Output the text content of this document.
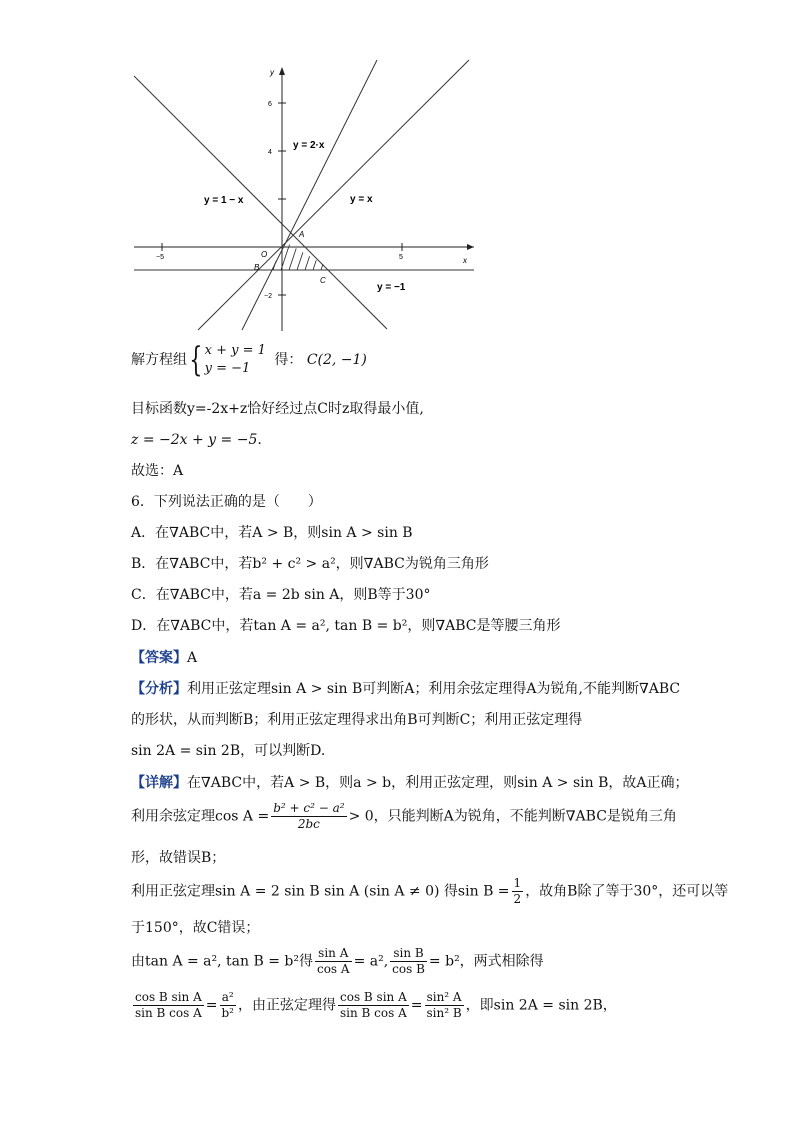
y
x
6
4
−2
−5	5
O
A
B
C
y = 2·x
y = x
y = 1 − x
y = −1
解方程组{ x + y = 1
y = −1
得： C(2, −1)
目标函数y=-2x+z恰好经过点C时z取得最小值,
z = −2x + y = −5.
故选：A
6．下列说法正确的是（　　）
A．在∇ABC中，若A > B，则sin A > sin B
B．在∇ABC中，若b² + c² > a²，则∇ABC为锐角三角形
C．在∇ABC中，若a = 2b sin A，则B等于30°
D．在∇ABC中，若tan A = a², tan B = b²，则∇ABC是等腰三角形
【答案】A
【分析】利用正弦定理sin A > sin B可判断A；利用余弦定理得A为锐角,不能判断∇ABC
的形状，从而判断B；利用正弦定理得求出角B可判断C；利用正弦定理得
sin 2A = sin 2B，可以判断D.
【详解】在∇ABC中，若A > B，则a > b，利用正弦定理，则sin A > sin B，故A正确；
利用余弦定理$\cos A = \frac{\text{b² + c² − a²}}{2bc} > 0$，只能判断A为锐角，不能判断∇ABC是锐角三角
形，故错误B；
利用正弦定理sin A = 2 sin B sin A (sin A ≠ 0) 得$\sin B = \frac{1}{2}$ ，故角B除了等于30°，还可以等
于150°，故C错误；
由tan A = a², tan B = b²得 $\frac{\text{sin A}}{\text{cos A}} = a^2$, $\frac{\text{sin B}}{\text{cos B}} = b^2$，两式相除得
$\frac{\text{cos B sin A}}{\text{sin B cos A}} = \frac{\text{a²}}{\text{b²}}$ ，由正弦定理得 $\frac{\text{cos B sin A}}{\text{sin B cos A}} = \frac{\text{sin² A}}{\text{sin² B}}$ ，即sin 2A = sin 2B，
